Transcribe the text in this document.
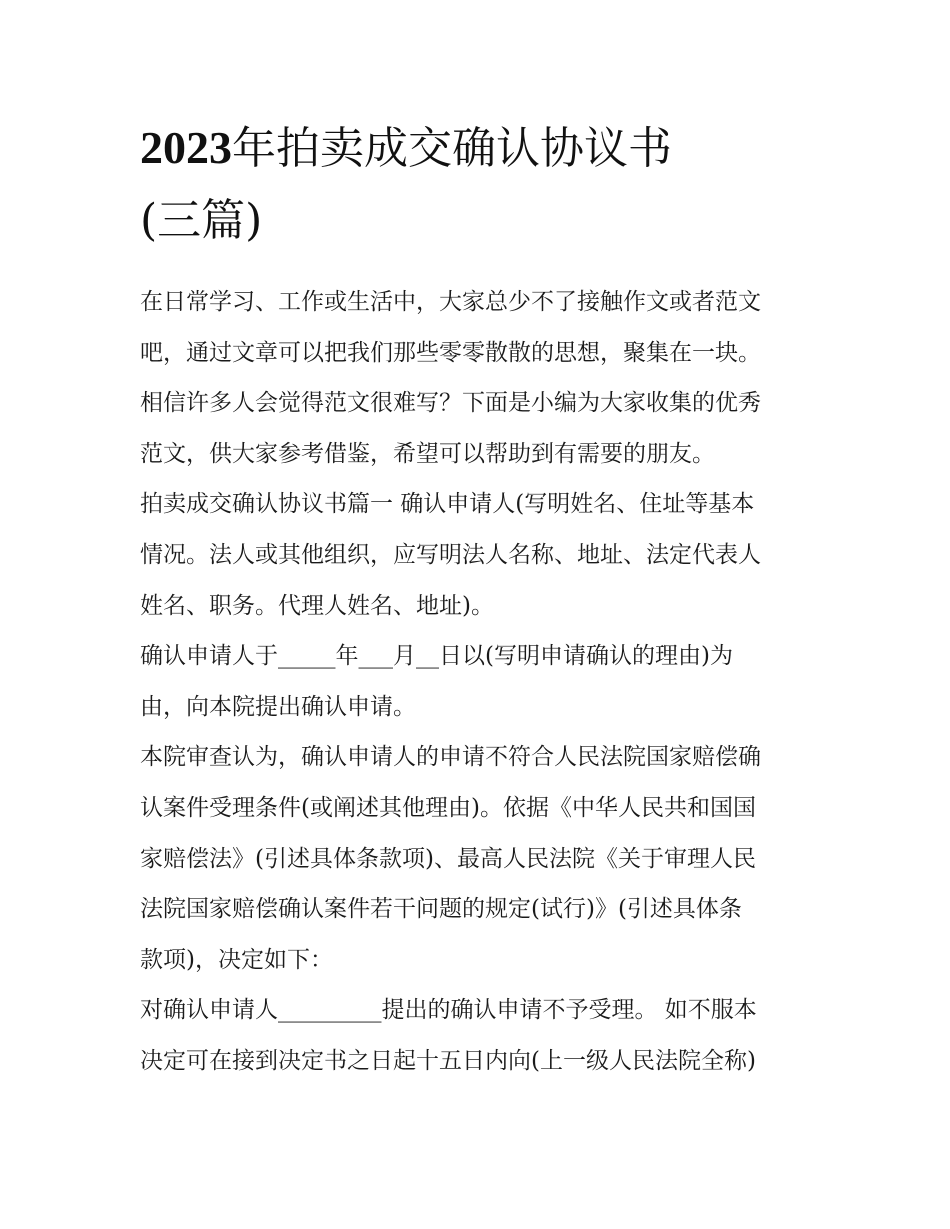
2023年拍卖成交确认协议书
(三篇)
在日常学习、工作或生活中，大家总少不了接触作文或者范文
吧，通过文章可以把我们那些零零散散的思想，聚集在一块。
相信许多人会觉得范文很难写？下面是小编为大家收集的优秀
范文，供大家参考借鉴，希望可以帮助到有需要的朋友。
拍卖成交确认协议书篇一 确认申请人(写明姓名、住址等基本
情况。法人或其他组织，应写明法人名称、地址、法定代表人
姓名、职务。代理人姓名、地址)。
确认申请人于_____年___月__日以(写明申请确认的理由)为
由，向本院提出确认申请。
本院审查认为，确认申请人的申请不符合人民法院国家赔偿确
认案件受理条件(或阐述其他理由)。依据《中华人民共和国国
家赔偿法》(引述具体条款项)、最高人民法院《关于审理人民
法院国家赔偿确认案件若干问题的规定(试行)》(引述具体条
款项)，决定如下：
对确认申请人_________提出的确认申请不予受理。 如不服本
决定可在接到决定书之日起十五日内向(上一级人民法院全称)
